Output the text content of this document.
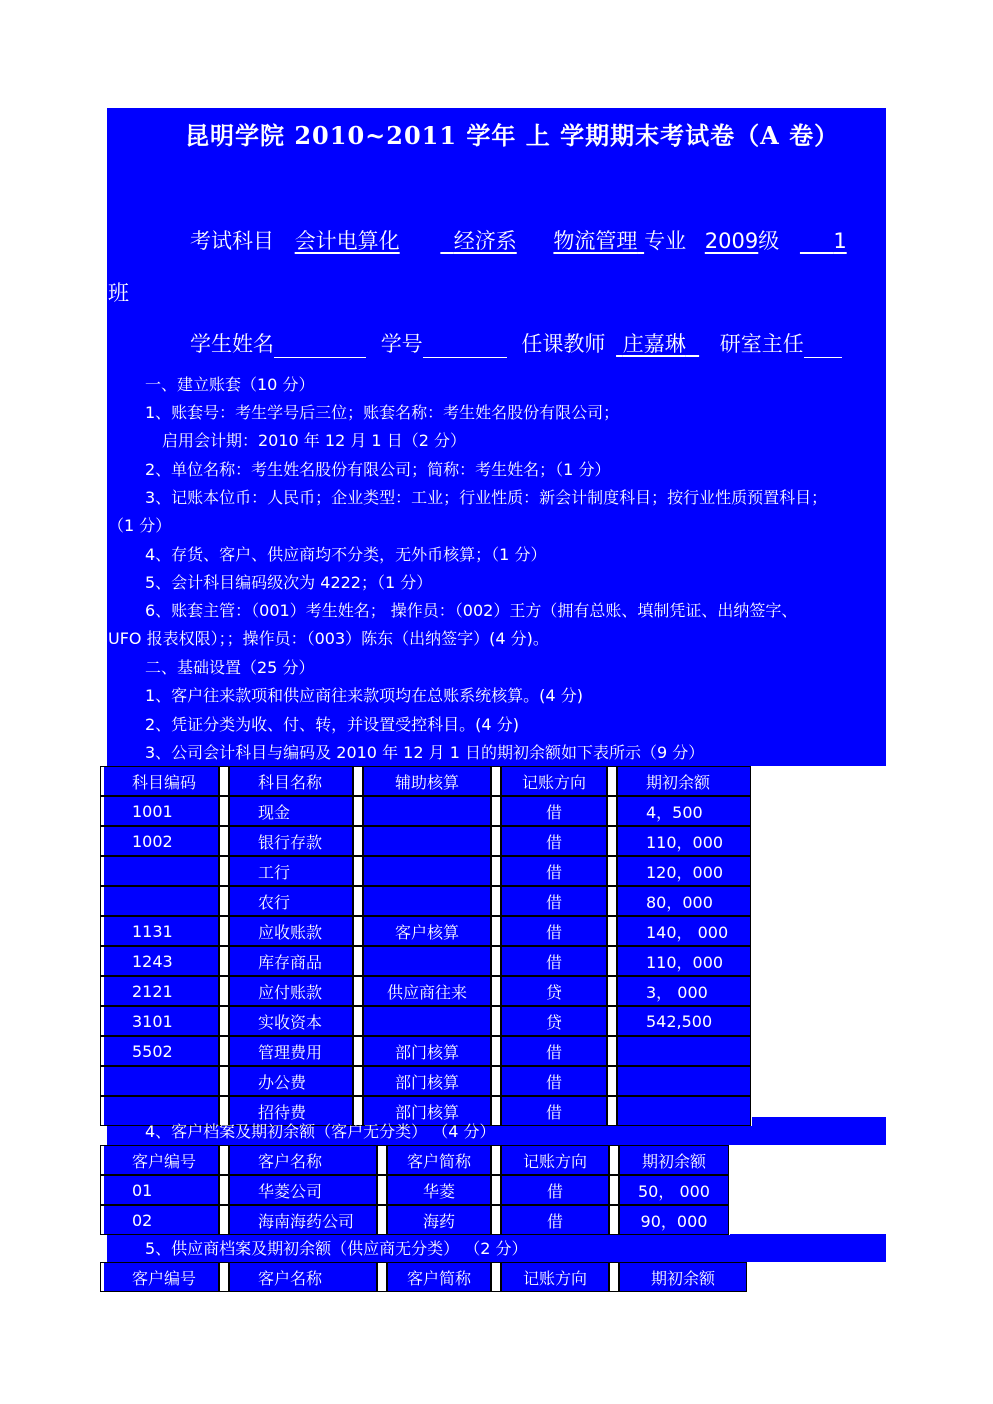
昆明学院 2010~2011 学年 上 学期期末考试卷（A 卷）
考试科目 会计电算化	经济系 物流管理 专业 2009级	1
班
学生姓名	学号	任课教师 庄嘉琳 研室主任
一、建立账套（10 分）
1、账套号：考生学号后三位；账套名称：考生姓名股份有限公司；
启用会计期：2010 年 12 月 1 日（2 分）
2、单位名称：考生姓名股份有限公司；简称：考生姓名；（1 分）
3、记账本位币：人民币；企业类型：工业；行业性质：新会计制度科目；按行业性质预置科目；
（1 分）
4、存货、客户、供应商均不分类，无外币核算；（1 分）
5、会计科目编码级次为 4222；（1 分）
6、账套主管：（001）考生姓名； 操作员：（002）王方（拥有总账、填制凭证、出纳签字、
UFO 报表权限）；；操作员：（003）陈东（出纳签字）(4 分)。
二、基础设置（25 分）
1、客户往来款项和供应商往来款项均在总账系统核算。(4 分)
2、凭证分类为收、付、转，并设置受控科目。(4 分)
3、公司会计科目与编码及 2010 年 12 月 1 日的期初余额如下表所示（9 分）
	科目编码		科目名称		辅助核算		记账方向		期初余额	
	1001		现金				借		4，500	
	1002		银行存款				借		110，000	
			工行				借		120，000	
			农行				借		80，000	
	1131		应收账款		客户核算		借		140， 000	
	1243		库存商品				借		110，000	
	2121		应付账款		供应商往来		贷		3， 000	
	3101		实收资本				贷		542,500	
	5502		管理费用		部门核算		借			
			办公费		部门核算		借			
			招待费		部门核算		借			
4、客户档案及期初余额（客户无分类） （4 分）
	客户编号		客户名称		客户简称		记账方向		期初余额	
	01		华菱公司		华菱		借		50， 000	
	02		海南海药公司		海药		借		90，000	
5、供应商档案及期初余额（供应商无分类） （2 分）
	客户编号		客户名称		客户简称		记账方向		期初余额	
